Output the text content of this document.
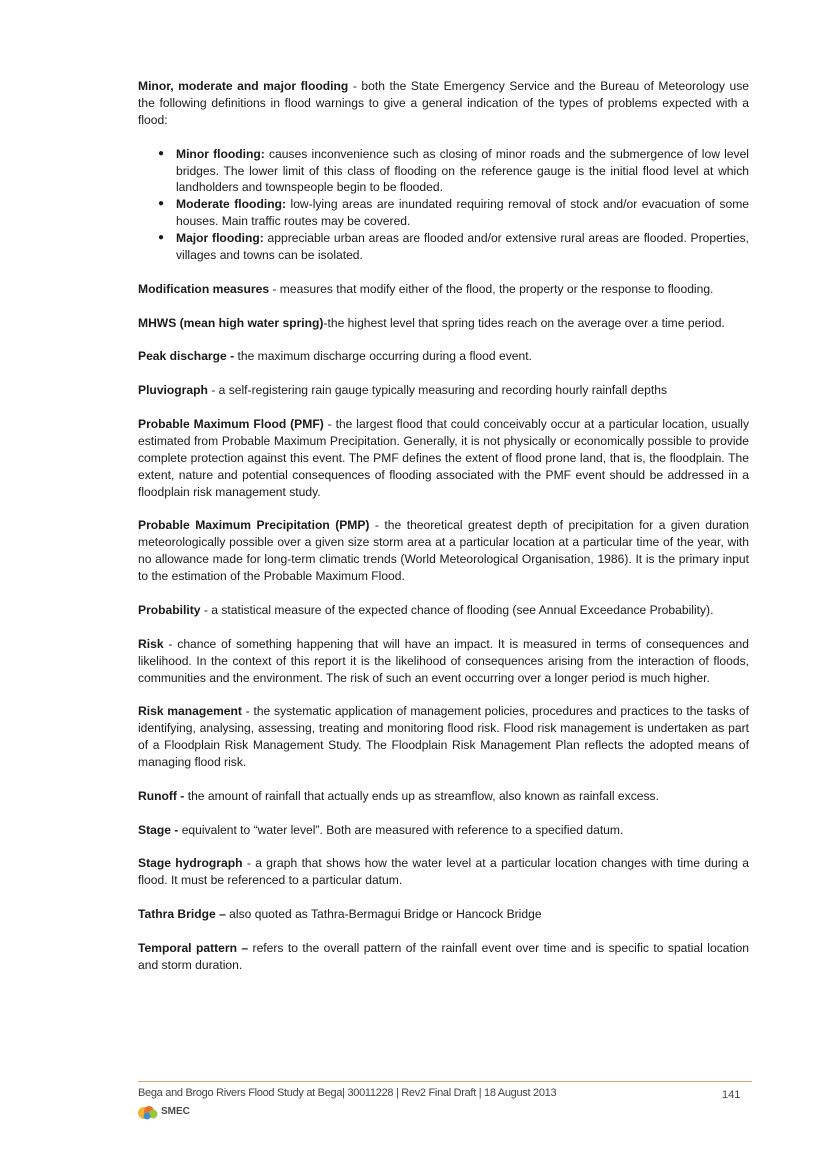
Minor, moderate and major flooding - both the State Emergency Service and the Bureau of Meteorology use the following definitions in flood warnings to give a general indication of the types of problems expected with a flood:

● Minor flooding: causes inconvenience such as closing of minor roads and the submergence of low level bridges. The lower limit of this class of flooding on the reference gauge is the initial flood level at which landholders and townspeople begin to be flooded.
● Moderate flooding: low-lying areas are inundated requiring removal of stock and/or evacuation of some houses. Main traffic routes may be covered.
● Major flooding: appreciable urban areas are flooded and/or extensive rural areas are flooded. Properties, villages and towns can be isolated.

Modification measures - measures that modify either of the flood, the property or the response to flooding.

MHWS (mean high water spring)-the highest level that spring tides reach on the average over a time period.

Peak discharge - the maximum discharge occurring during a flood event.

Pluviograph - a self-registering rain gauge typically measuring and recording hourly rainfall depths

Probable Maximum Flood (PMF) - the largest flood that could conceivably occur at a particular location, usually estimated from Probable Maximum Precipitation. Generally, it is not physically or economically possible to provide complete protection against this event. The PMF defines the extent of flood prone land, that is, the floodplain. The extent, nature and potential consequences of flooding associated with the PMF event should be addressed in a floodplain risk management study.

Probable Maximum Precipitation (PMP) - the theoretical greatest depth of precipitation for a given duration meteorologically possible over a given size storm area at a particular location at a particular time of the year, with no allowance made for long-term climatic trends (World Meteorological Organisation, 1986). It is the primary input to the estimation of the Probable Maximum Flood.

Probability - a statistical measure of the expected chance of flooding (see Annual Exceedance Probability).

Risk - chance of something happening that will have an impact. It is measured in terms of consequences and likelihood. In the context of this report it is the likelihood of consequences arising from the interaction of floods, communities and the environment. The risk of such an event occurring over a longer period is much higher.

Risk management - the systematic application of management policies, procedures and practices to the tasks of identifying, analysing, assessing, treating and monitoring flood risk. Flood risk management is undertaken as part of a Floodplain Risk Management Study. The Floodplain Risk Management Plan reflects the adopted means of managing flood risk.

Runoff - the amount of rainfall that actually ends up as streamflow, also known as rainfall excess.

Stage - equivalent to “water level”. Both are measured with reference to a specified datum.

Stage hydrograph - a graph that shows how the water level at a particular location changes with time during a flood. It must be referenced to a particular datum.

Tathra Bridge – also quoted as Tathra-Bermagui Bridge or Hancock Bridge

Temporal pattern – refers to the overall pattern of the rainfall event over time and is specific to spatial location and storm duration.

Bega and Brogo Rivers Flood Study at Bega| 30011228 | Rev2 Final Draft | 18 August 2013	141
SMEC
